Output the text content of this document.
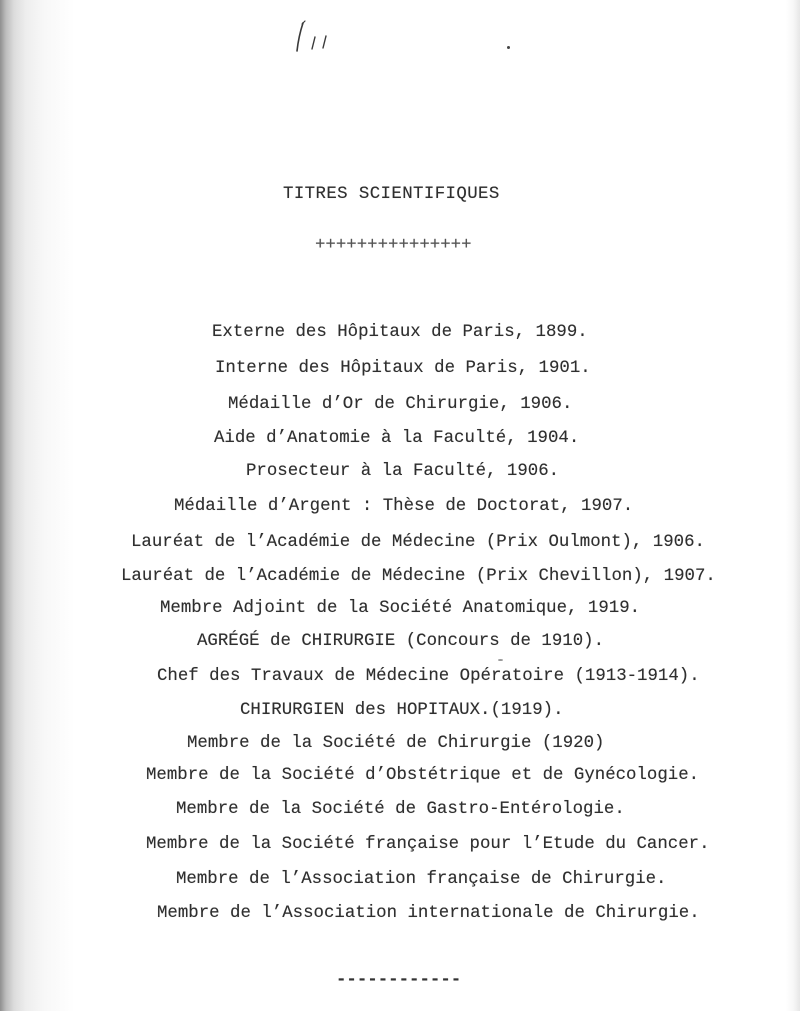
TITRES SCIENTIFIQUES
+++++++++++++++
Externe des Hôpitaux de Paris, 1899.
Interne des Hôpitaux de Paris, 1901.
Médaille d’Or de Chirurgie, 1906.
Aide d’Anatomie à la Faculté, 1904.
Prosecteur à la Faculté, 1906.
Médaille d’Argent : Thèse de Doctorat, 1907.
Lauréat de l’Académie de Médecine (Prix Oulmont), 1906.
Lauréat de l’Académie de Médecine (Prix Chevillon), 1907.
Membre Adjoint de la Société Anatomique, 1919.
AGRÉGÉ de CHIRURGIE (Concours de 1910).
Chef des Travaux de Médecine Opératoire (1913-1914).
CHIRURGIEN des HOPITAUX.(1919).
Membre de la Société de Chirurgie (1920)
Membre de la Société d’Obstétrique et de Gynécologie.
Membre de la Société de Gastro-Entérologie.
Membre de la Société française pour l’Etude du Cancer.
Membre de l’Association française de Chirurgie.
Membre de l’Association internationale de Chirurgie.
------------
